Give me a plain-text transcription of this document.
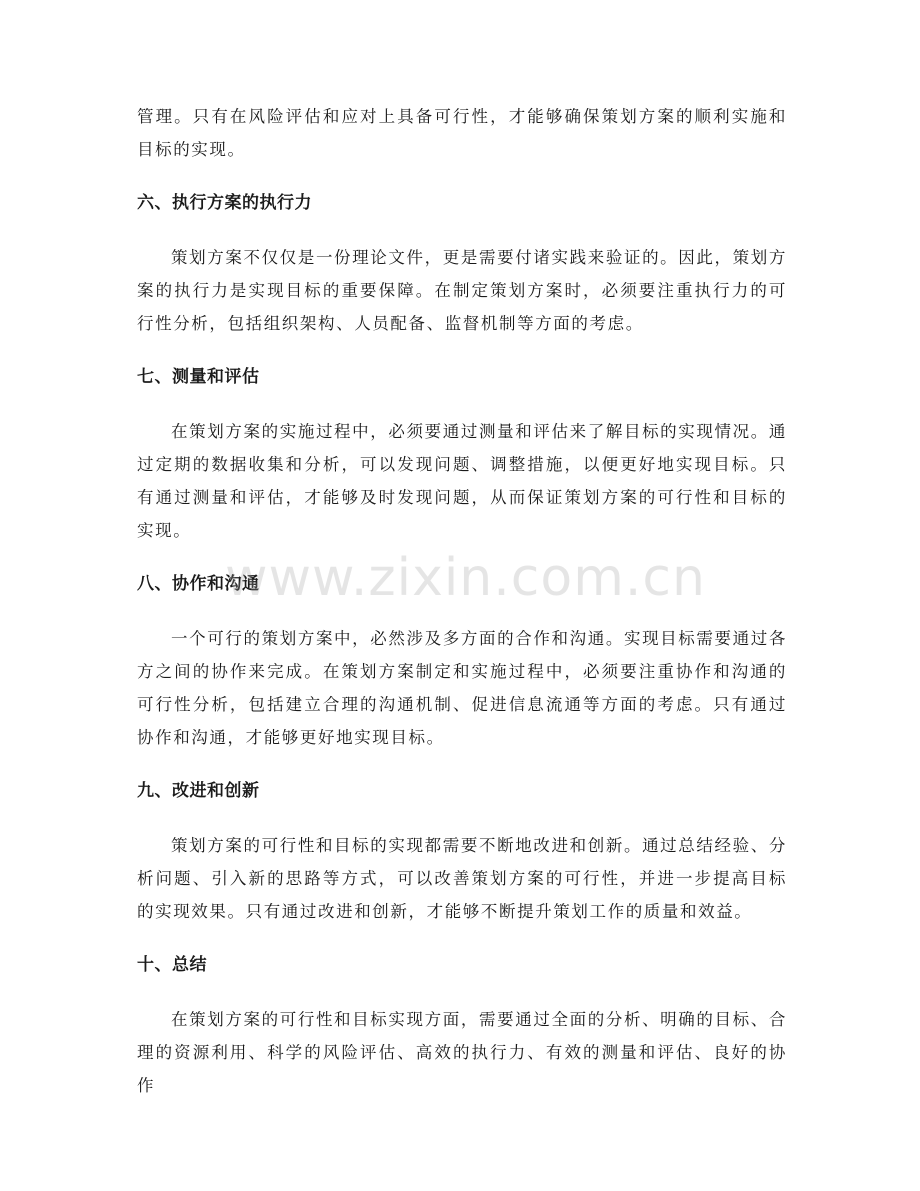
管理。只有在风险评估和应对上具备可行性，才能够确保策划方案的顺利实施和目标的实现。

六、执行方案的执行力

策划方案不仅仅是一份理论文件，更是需要付诸实践来验证的。因此，策划方案的执行力是实现目标的重要保障。在制定策划方案时，必须要注重执行力的可行性分析，包括组织架构、人员配备、监督机制等方面的考虑。

七、测量和评估

在策划方案的实施过程中，必须要通过测量和评估来了解目标的实现情况。通过定期的数据收集和分析，可以发现问题、调整措施，以便更好地实现目标。只有通过测量和评估，才能够及时发现问题，从而保证策划方案的可行性和目标的实现。

八、协作和沟通

一个可行的策划方案中，必然涉及多方面的合作和沟通。实现目标需要通过各方之间的协作来完成。在策划方案制定和实施过程中，必须要注重协作和沟通的可行性分析，包括建立合理的沟通机制、促进信息流通等方面的考虑。只有通过协作和沟通，才能够更好地实现目标。

九、改进和创新

策划方案的可行性和目标的实现都需要不断地改进和创新。通过总结经验、分析问题、引入新的思路等方式，可以改善策划方案的可行性，并进一步提高目标的实现效果。只有通过改进和创新，才能够不断提升策划工作的质量和效益。

十、总结

在策划方案的可行性和目标实现方面，需要通过全面的分析、明确的目标、合理的资源利用、科学的风险评估、高效的执行力、有效的测量和评估、良好的协作

www.zixin.com.cn
